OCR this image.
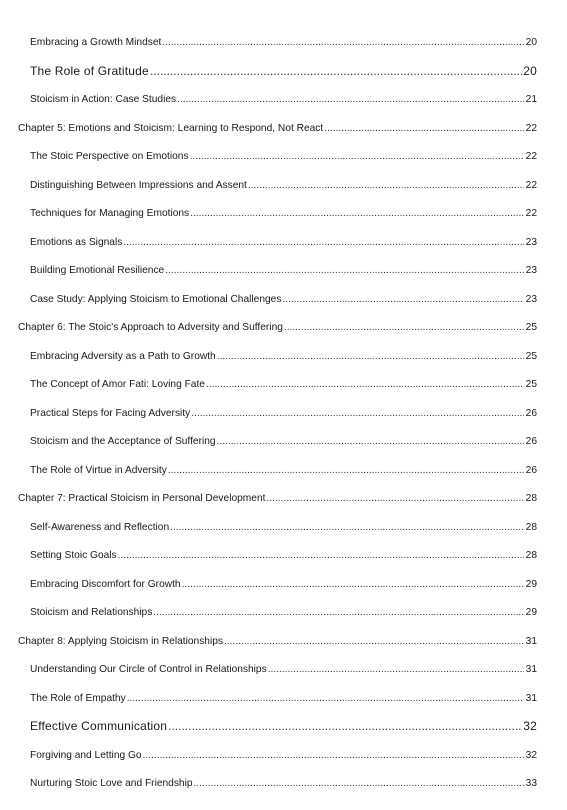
Embracing a Growth Mindset .....	20
The Role of Gratitude .....	20
Stoicism in Action: Case Studies .....	21
Chapter 5: Emotions and Stoicism: Learning to Respond, Not React .....	22
The Stoic Perspective on Emotions .....	22
Distinguishing Between Impressions and Assent .....	22
Techniques for Managing Emotions .....	22
Emotions as Signals .....	23
Building Emotional Resilience .....	23
Case Study: Applying Stoicism to Emotional Challenges .....	23
Chapter 6: The Stoic's Approach to Adversity and Suffering .....	25
Embracing Adversity as a Path to Growth .....	25
The Concept of Amor Fati: Loving Fate .....	25
Practical Steps for Facing Adversity .....	26
Stoicism and the Acceptance of Suffering .....	26
The Role of Virtue in Adversity .....	26
Chapter 7: Practical Stoicism in Personal Development .....	28
Self-Awareness and Reflection .....	28
Setting Stoic Goals .....	28
Embracing Discomfort for Growth .....	29
Stoicism and Relationships .....	29
Chapter 8: Applying Stoicism in Relationships .....	31
Understanding Our Circle of Control in Relationships .....	31
The Role of Empathy .....	31
Effective Communication .....	32
Forgiving and Letting Go .....	32
Nurturing Stoic Love and Friendship .....	33
